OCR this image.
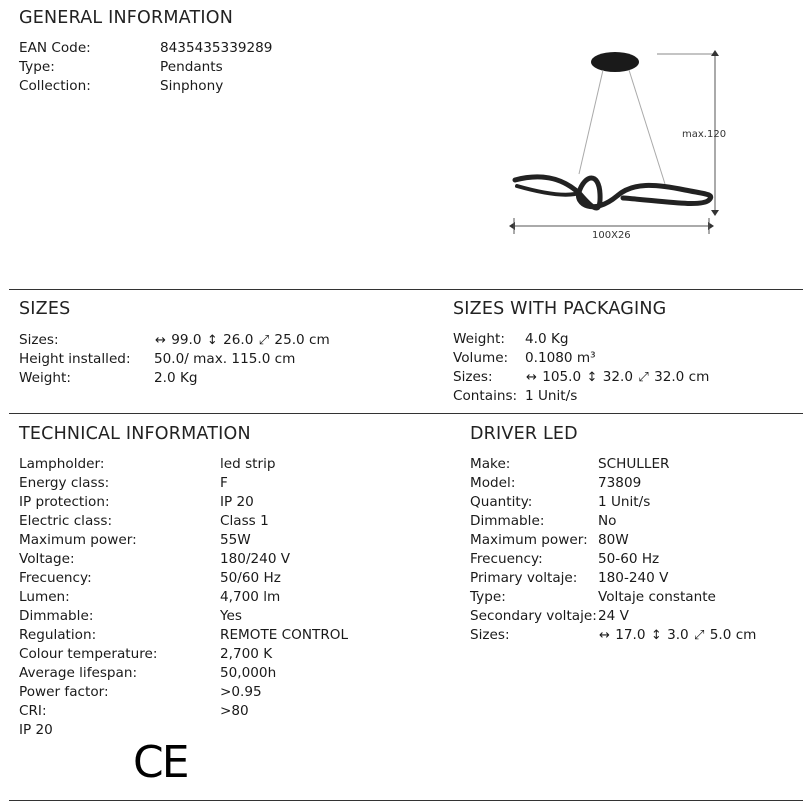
GENERAL INFORMATION
EAN Code:	8435435339289
Type:	Pendants
Collection:	Sinphony
max.120
100X26
SIZES
Sizes:	↔ 99.0 ↕ 26.0 ⤢ 25.0 cm
Height installed:	50.0/ max. 115.0 cm
Weight:	2.0 Kg
SIZES WITH PACKAGING
Weight:	4.0 Kg
Volume:	0.1080 m³
Sizes:	↔ 105.0 ↕ 32.0 ⤢ 32.0 cm
Contains: 1 Unit/s
TECHNICAL INFORMATION
Lampholder:	led strip
Energy class:	F
IP protection:	IP 20
Electric class:	Class 1
Maximum power:	55W
Voltage:	180/240 V
Frecuency:	50/60 Hz
Lumen:	4,700 lm
Dimmable:	Yes
Regulation:	REMOTE CONTROL
Colour temperature:	2,700 K
Average lifespan:	50,000h
Power factor:	>0.95
CRI:	>80
IP 20
CE
DRIVER LED
Make:	SCHULLER
Model:	73809
Quantity:	1 Unit/s
Dimmable:	No
Maximum power: 80W
Frecuency:	50-60 Hz
Primary voltaje:	180-240 V
Type:	Voltaje constante
Secondary voltaje: 24 V
Sizes:	↔ 17.0 ↕ 3.0 ⤢ 5.0 cm
